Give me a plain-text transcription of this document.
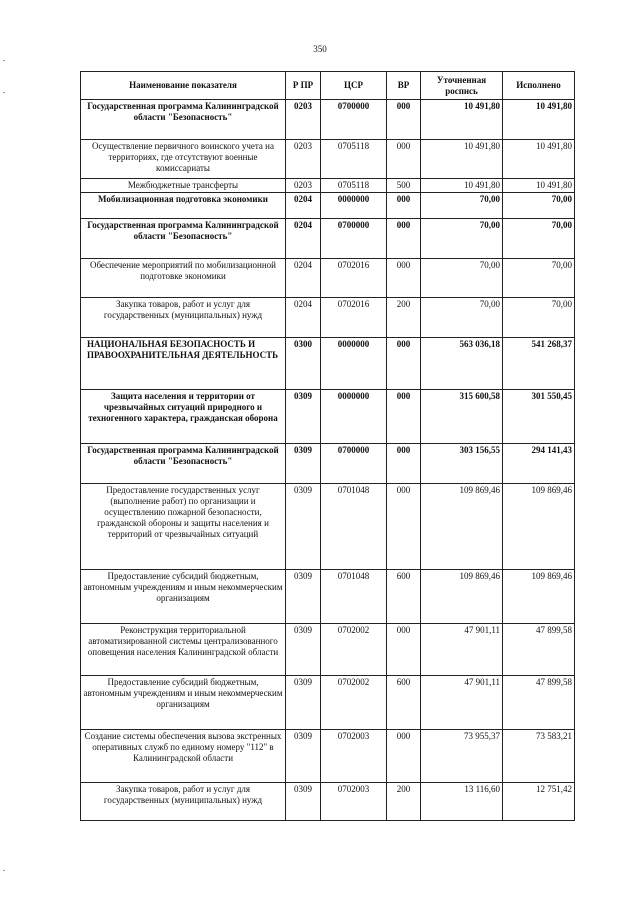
350
Наименование показателя	Р ПР	ЦСР	ВР	Уточненная роспись	Исполнено
Государственная программа Калининградской области "Безопасность"	0203	0700000	000	10 491,80	10 491,80
Осуществление первичного воинского учета на территориях, где отсутствуют военные комиссариаты	0203	0705118	000	10 491,80	10 491,80
Межбюджетные трансферты	0203	0705118	500	10 491,80	10 491,80
Мобилизационная подготовка экономики	0204	0000000	000	70,00	70,00
Государственная программа Калининградской области "Безопасность"	0204	0700000	000	70,00	70,00
Обеспечение мероприятий по мобилизационной подготовке экономики	0204	0702016	000	70,00	70,00
Закупка товаров, работ и услуг для государственных (муниципальных) нужд	0204	0702016	200	70,00	70,00
НАЦИОНАЛЬНАЯ БЕЗОПАСНОСТЬ И ПРАВООХРАНИТЕЛЬНАЯ ДЕЯТЕЛЬНОСТЬ	0300	0000000	000	563 036,18	541 268,37
Защита населения и территории от чрезвычайных ситуаций природного и техногенного характера, гражданская оборона	0309	0000000	000	315 600,58	301 550,45
Государственная программа Калининградской области "Безопасность"	0309	0700000	000	303 156,55	294 141,43
Предоставление государственных услуг (выполнение работ) по организации и осуществлению пожарной безопасности, гражданской обороны и защиты населения и территорий от чрезвычайных ситуаций	0309	0701048	000	109 869,46	109 869,46
Предоставление субсидий бюджетным, автономным учреждениям и иным некоммерческим организациям	0309	0701048	600	109 869,46	109 869,46
Реконструкция территориальной автоматизированной системы централизованного оповещения населения Калининградской области	0309	0702002	000	47 901,11	47 899,58
Предоставление субсидий бюджетным, автономным учреждениям и иным некоммерческим организациям	0309	0702002	600	47 901,11	47 899,58
Создание системы обеспечения вызова экстренных оперативных служб по единому номеру "112" в Калининградской области	0309	0702003	000	73 955,37	73 583,21
Закупка товаров, работ и услуг для государственных (муниципальных) нужд	0309	0702003	200	13 116,60	12 751,42
